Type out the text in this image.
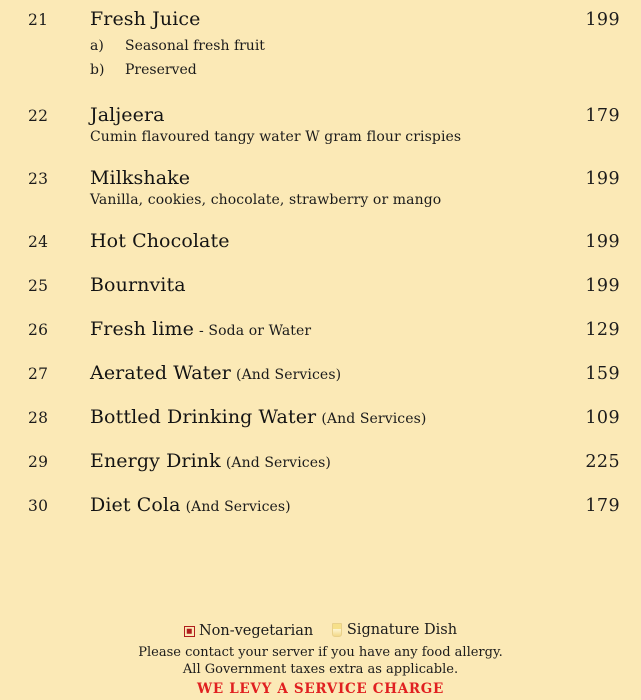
21	Fresh Juice	199
a)	Seasonal fresh fruit
b)	Preserved
22	Jaljeera	179
Cumin flavoured tangy water W gram flour crispies
23	Milkshake	199
Vanilla, cookies, chocolate, strawberry or mango
24	Hot Chocolate	199
25	Bournvita	199
26	Fresh lime - Soda or Water	129
27	Aerated Water (And Services)	159
28	Bottled Drinking Water (And Services)	109
29	Energy Drink (And Services)	225
30	Diet Cola (And Services)	179
Non-vegetarian
Signature Dish
Please contact your server if you have any food allergy.
All Government taxes extra as applicable.
WE LEVY A SERVICE CHARGE
